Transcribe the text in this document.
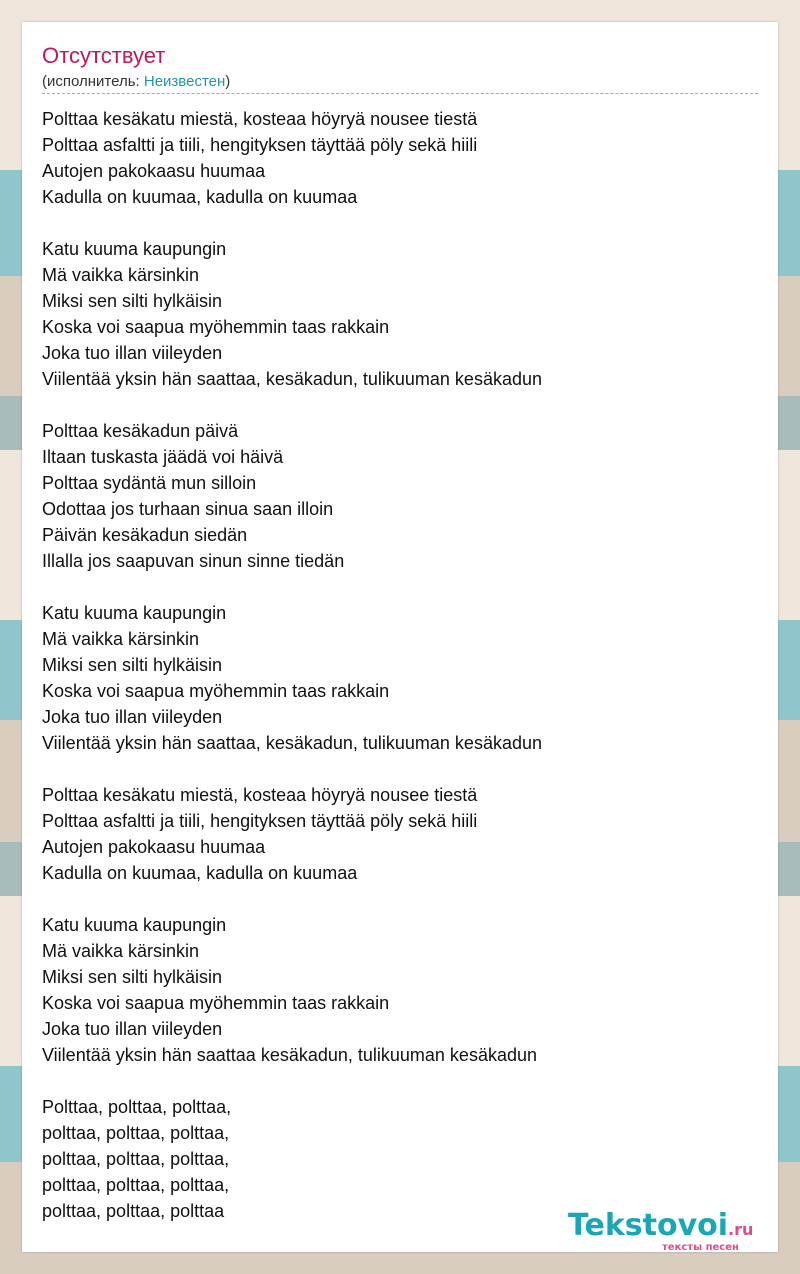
Отсутствует
(исполнитель: Неизвестен)
Polttaa kesäkatu miestä, kosteaa höyryä nousee tiestä
Polttaa asfaltti ja tiili, hengityksen täyttää pöly sekä hiili
Autojen pakokaasu huumaa
Kadulla on kuumaa, kadulla on kuumaa
Katu kuuma kaupungin
Mä vaikka kärsinkin
Miksi sen silti hylkäisin
Koska voi saapua myöhemmin taas rakkain
Joka tuo illan viileyden
Viilentää yksin hän saattaa, kesäkadun, tulikuuman kesäkadun
Polttaa kesäkadun päivä
Iltaan tuskasta jäädä voi häivä
Polttaa sydäntä mun silloin
Odottaa jos turhaan sinua saan illoin
Päivän kesäkadun siedän
Illalla jos saapuvan sinun sinne tiedän
Katu kuuma kaupungin
Mä vaikka kärsinkin
Miksi sen silti hylkäisin
Koska voi saapua myöhemmin taas rakkain
Joka tuo illan viileyden
Viilentää yksin hän saattaa, kesäkadun, tulikuuman kesäkadun
Polttaa kesäkatu miestä, kosteaa höyryä nousee tiestä
Polttaa asfaltti ja tiili, hengityksen täyttää pöly sekä hiili
Autojen pakokaasu huumaa
Kadulla on kuumaa, kadulla on kuumaa
Katu kuuma kaupungin
Mä vaikka kärsinkin
Miksi sen silti hylkäisin
Koska voi saapua myöhemmin taas rakkain
Joka tuo illan viileyden
Viilentää yksin hän saattaa kesäkadun, tulikuuman kesäkadun
Polttaa, polttaa, polttaa,
polttaa, polttaa, polttaa,
polttaa, polttaa, polttaa,
polttaa, polttaa, polttaa,
polttaa, polttaa, polttaa	Tekstovoi.ru
тексты песен
